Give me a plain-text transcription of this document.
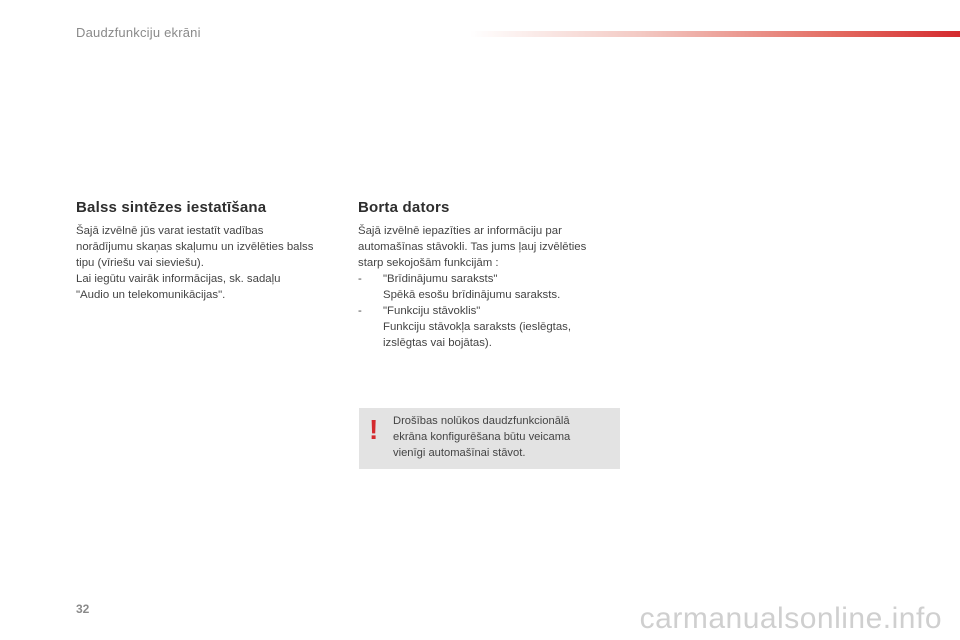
Daudzfunkciju ekrāni
Balss sintēzes iestatīšana

Šajā izvēlnē jūs varat iestatīt vadības

norādījumu skaņas skaļumu un izvēlēties balss

tipu (vīriešu vai sieviešu).

Lai iegūtu vairāk informācijas, sk. sadaļu

"Audio un telekomunikācijas".

Borta dators

Šajā izvēlnē iepazīties ar informāciju par

automašīnas stāvokli. Tas jums ļauj izvēlēties

starp sekojošām funkcijām :

- "Brīdinājumu saraksts"
Spēkā esošu brīdinājumu saraksts.
- "Funkciju stāvoklis"
Funkciju stāvokļa saraksts (ieslēgtas,
izslēgtas vai bojātas).
! Drošības nolūkos daudzfunkcionālā
ekrāna konfigurēšana būtu veicama
vienīgi automašīnai stāvot.
32	carmanualsonline.info
